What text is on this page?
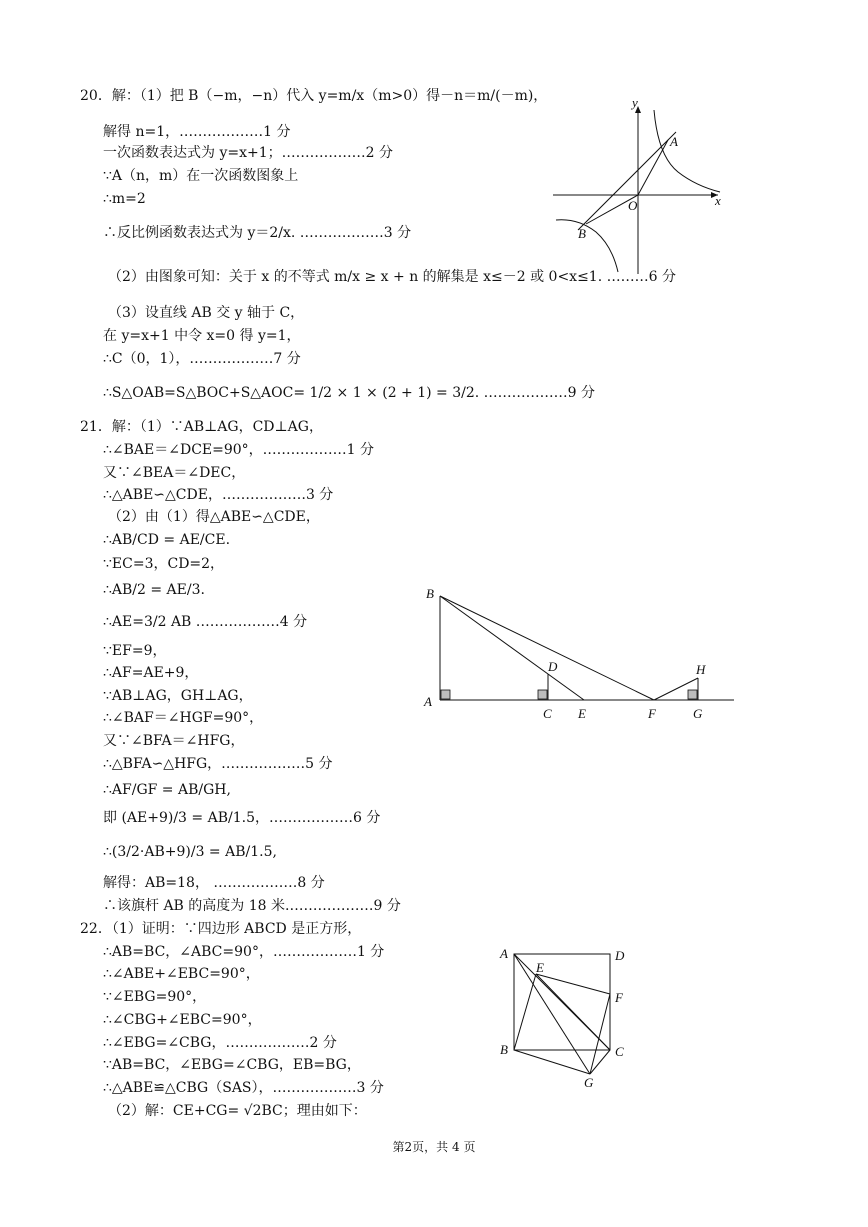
20．解：（1）把 B（−m，−n）代入 y=m/x（m>0）得－n＝m/(－m)，
解得 n=1，………………1 分
一次函数表达式为 y=x+1；………………2 分
∵A（n，m）在一次函数图象上
∴m=2
∴反比例函数表达式为 y＝2/x. ………………3 分
（2）由图象可知：关于 x 的不等式 m/x ≥ x + n 的解集是 x≤－2 或 0<x≤1. ………6 分
（3）设直线 AB 交 y 轴于 C，
在 y=x+1 中令 x=0 得 y=1，
∴C（0，1），………………7 分
∴S△OAB=S△BOC+S△AOC= 1/2 × 1 × (2 + 1) = 3/2. ………………9 分
21．解：（1）∵AB⊥AG，CD⊥AG，
∴∠BAE＝∠DCE=90°，………………1 分
又∵∠BEA＝∠DEC，
∴△ABE∽△CDE，………………3 分
（2）由（1）得△ABE∽△CDE，
∴AB/CD = AE/CE.
∵EC=3，CD=2，
∴AB/2 = AE/3.
∴AE=3/2 AB ………………4 分
∵EF=9，
∴AF=AE+9，
∵AB⊥AG，GH⊥AG，
∴∠BAF＝∠HGF=90°，
又∵∠BFA＝∠HFG，
∴△BFA∽△HFG，………………5 分
∴AF/GF = AB/GH,
即 (AE+9)/3 = AB/1.5，………………6 分
∴(3/2·AB+9)/3 = AB/1.5,
解得：AB=18， ………………8 分
∴该旗杆 AB 的高度为 18 米.………………9 分
22．（1）证明：∵四边形 ABCD 是正方形，
∴AB=BC，∠ABC=90°，………………1 分
∴∠ABE+∠EBC=90°，
∵∠EBG=90°，
∴∠CBG+∠EBC=90°，
∴∠EBG=∠CBG，………………2 分
∵AB=BC，∠EBG=∠CBG，EB=BG，
∴△ABE≌△CBG（SAS），………………3 分
（2）解：CE+CG= √2BC；理由如下：
y
x
O
A
B
B
A
D
C E	F
H
G
A	D
E
F
B	C
G
第2页，共 4 页
